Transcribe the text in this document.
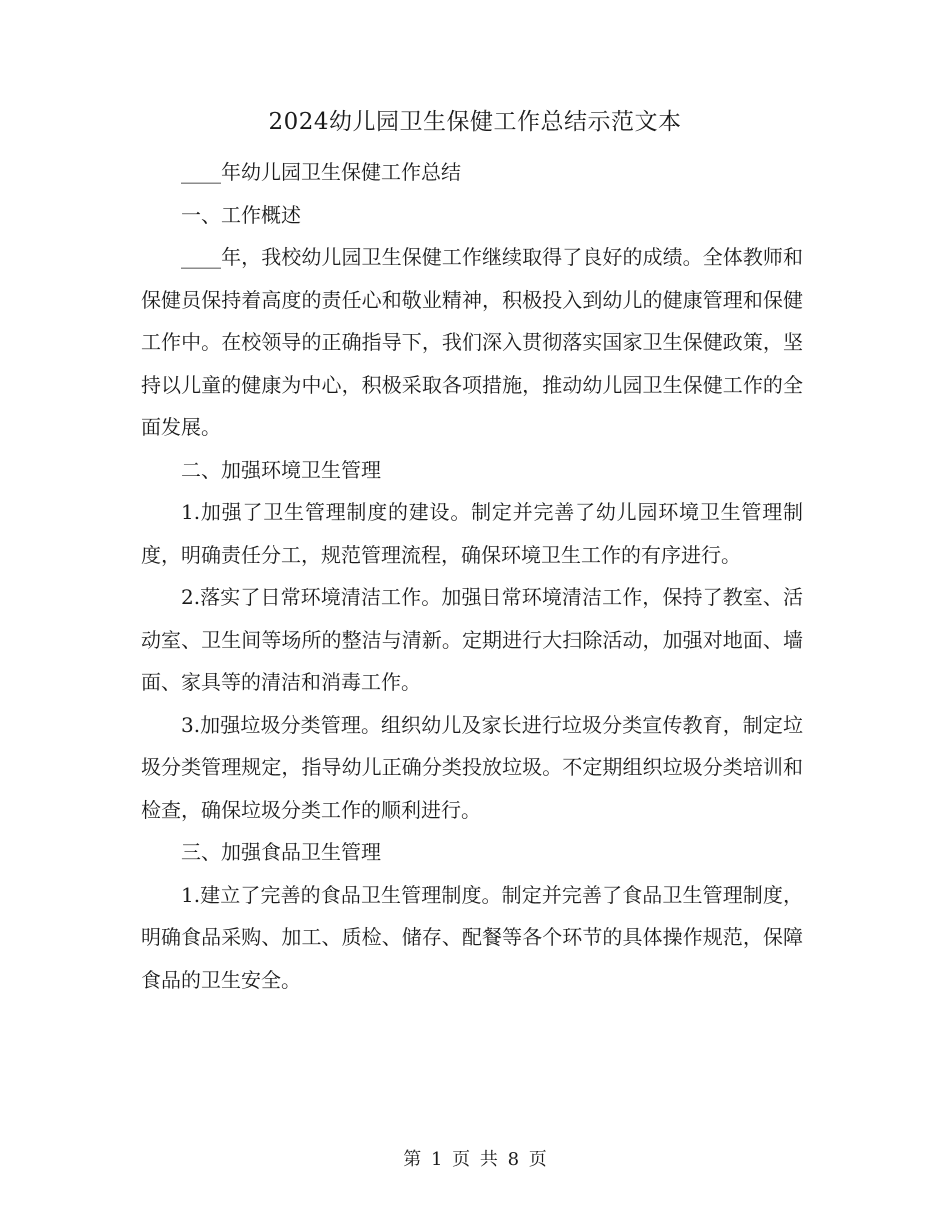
2024幼儿园卫生保健工作总结示范文本

____年幼儿园卫生保健工作总结

一、工作概述

____年，我校幼儿园卫生保健工作继续取得了良好的成绩。全体教师和保健员保持着高度的责任心和敬业精神，积极投入到幼儿的健康管理和保健工作中。在校领导的正确指导下，我们深入贯彻落实国家卫生保健政策，坚持以儿童的健康为中心，积极采取各项措施，推动幼儿园卫生保健工作的全面发展。

二、加强环境卫生管理

1.加强了卫生管理制度的建设。制定并完善了幼儿园环境卫生管理制度，明确责任分工，规范管理流程，确保环境卫生工作的有序进行。

2.落实了日常环境清洁工作。加强日常环境清洁工作，保持了教室、活动室、卫生间等场所的整洁与清新。定期进行大扫除活动，加强对地面、墙面、家具等的清洁和消毒工作。

3.加强垃圾分类管理。组织幼儿及家长进行垃圾分类宣传教育，制定垃圾分类管理规定，指导幼儿正确分类投放垃圾。不定期组织垃圾分类培训和检查，确保垃圾分类工作的顺利进行。

三、加强食品卫生管理

1.建立了完善的食品卫生管理制度。制定并完善了食品卫生管理制度，明确食品采购、加工、质检、储存、配餐等各个环节的具体操作规范，保障食品的卫生安全。

第 1 页 共 8 页
